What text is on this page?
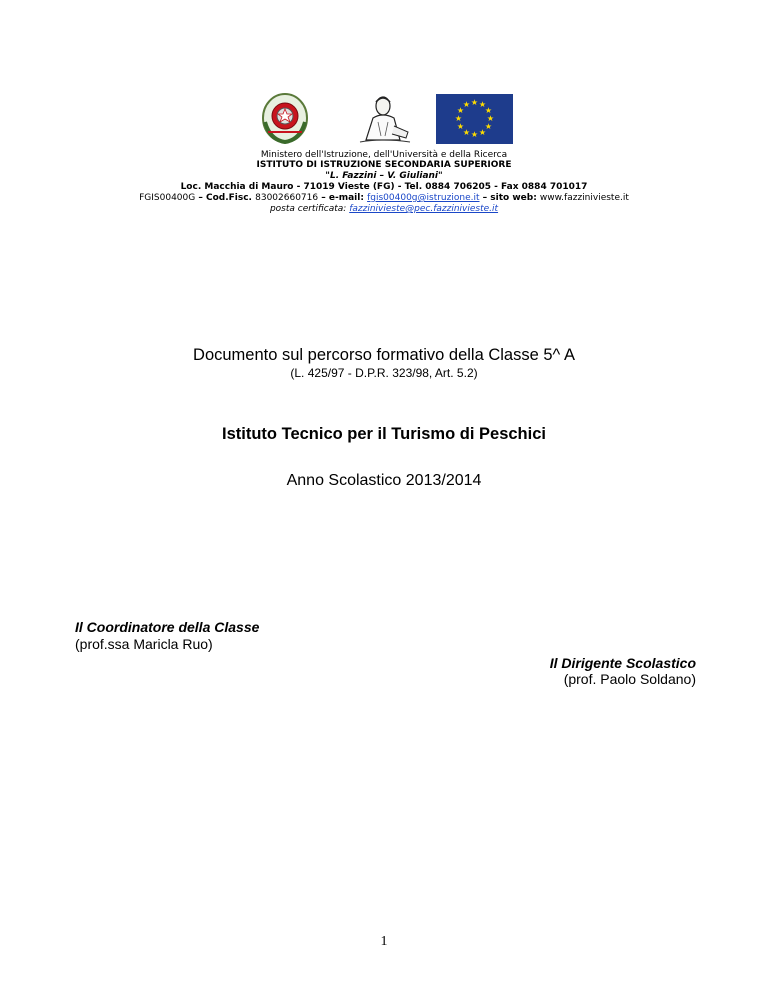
★ ★
★
★
★
★
★
★
★
★
★
★
Ministero dell'Istruzione, dell'Università e della Ricerca
ISTITUTO DI ISTRUZIONE SECONDARIA SUPERIORE
"L. Fazzini – V. Giuliani"
Loc. Macchia di Mauro - 71019 Vieste (FG) - Tel. 0884 706205 - Fax 0884 701017
FGIS00400G – Cod.Fisc. 83002660716 – e-mail: fgis00400g@istruzione.it – sito web: www.fazzinivieste.it
posta certificata: fazzinivieste@pec.fazzinivieste.it
Documento sul percorso formativo della Classe 5^ A
(L. 425/97 - D.P.R. 323/98, Art. 5.2)
Istituto Tecnico per il Turismo di Peschici
Anno Scolastico 2013/2014
Il Coordinatore della Classe
(prof.ssa Maricla Ruo)
Il Dirigente Scolastico
(prof. Paolo Soldano)
1
